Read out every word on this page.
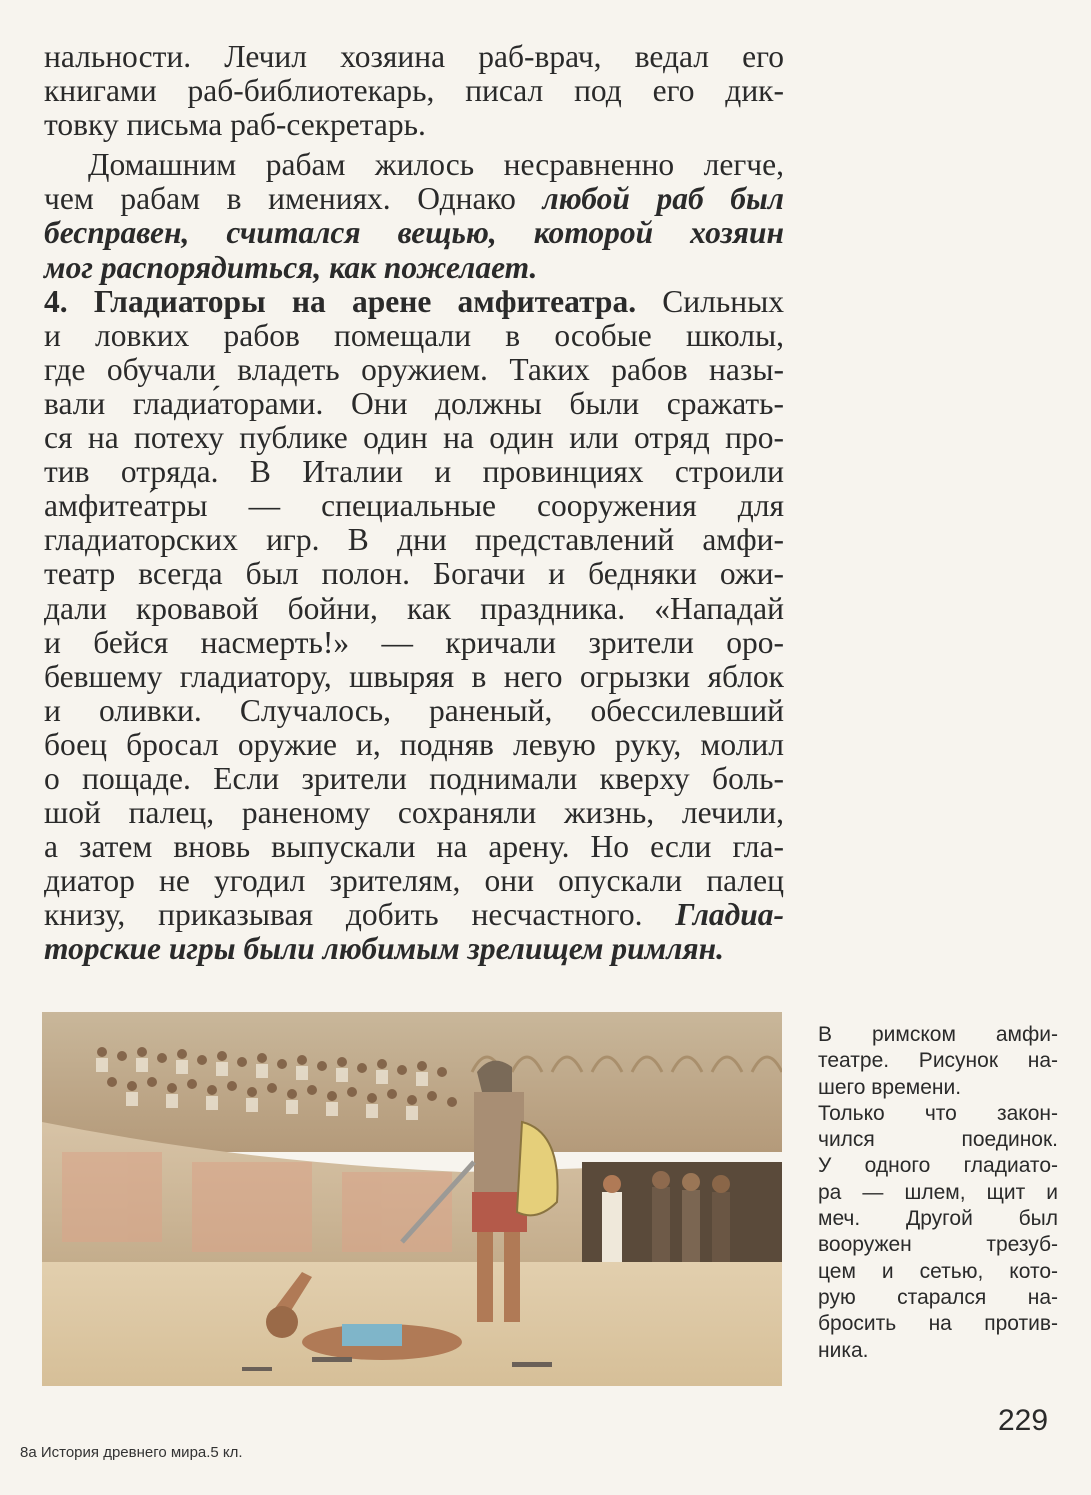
нальности. Лечил хозяина раб-врач, ведал его
книгами раб-библиотекарь, писал под его дик-
товку письма раб-секретарь.
Домашним рабам жилось несравненно легче,
чем рабам в имениях. Однако любой раб был
бесправен, считался вещью, которой хозяин
мог распорядиться, как пожелает.
4. Гладиаторы на арене амфитеатра. Сильных
и ловких рабов помещали в особые школы,
где обучали владеть оружием. Таких рабов назы-
вали гладиа́торами. Они должны были сражать-
ся на потеху публике один на один или отряд про-
тив отряда. В Италии и провинциях строили
амфитеа́тры — специальные сооружения для
гладиаторских игр. В дни представлений амфи-
театр всегда был полон. Богачи и бедняки ожи-
дали кровавой бойни, как праздника. «Нападай
и бейся насмерть!» — кричали зрители оро-
бевшему гладиатору, швыряя в него огрызки яблок
и оливки. Случалось, раненый, обессилевший
боец бросал оружие и, подняв левую руку, молил
о пощаде. Если зрители поднимали кверху боль-
шой палец, раненому сохраняли жизнь, лечили,
а затем вновь выпускали на арену. Но если гла-
диатор не угодил зрителям, они опускали палец
книзу, приказывая добить несчастного. Гладиа-
торские игры были любимым зрелищем римлян.
В римском амфи-
театре. Рисунок на-
шего времени.
Только что закон-
чился поединок.
У одного гладиато-
ра — шлем, щит и
меч. Другой был
вооружен трезуб-
цем и сетью, кото-
рую старался на-
бросить на против-
ника.
229
8а История древнего мира.5 кл.
